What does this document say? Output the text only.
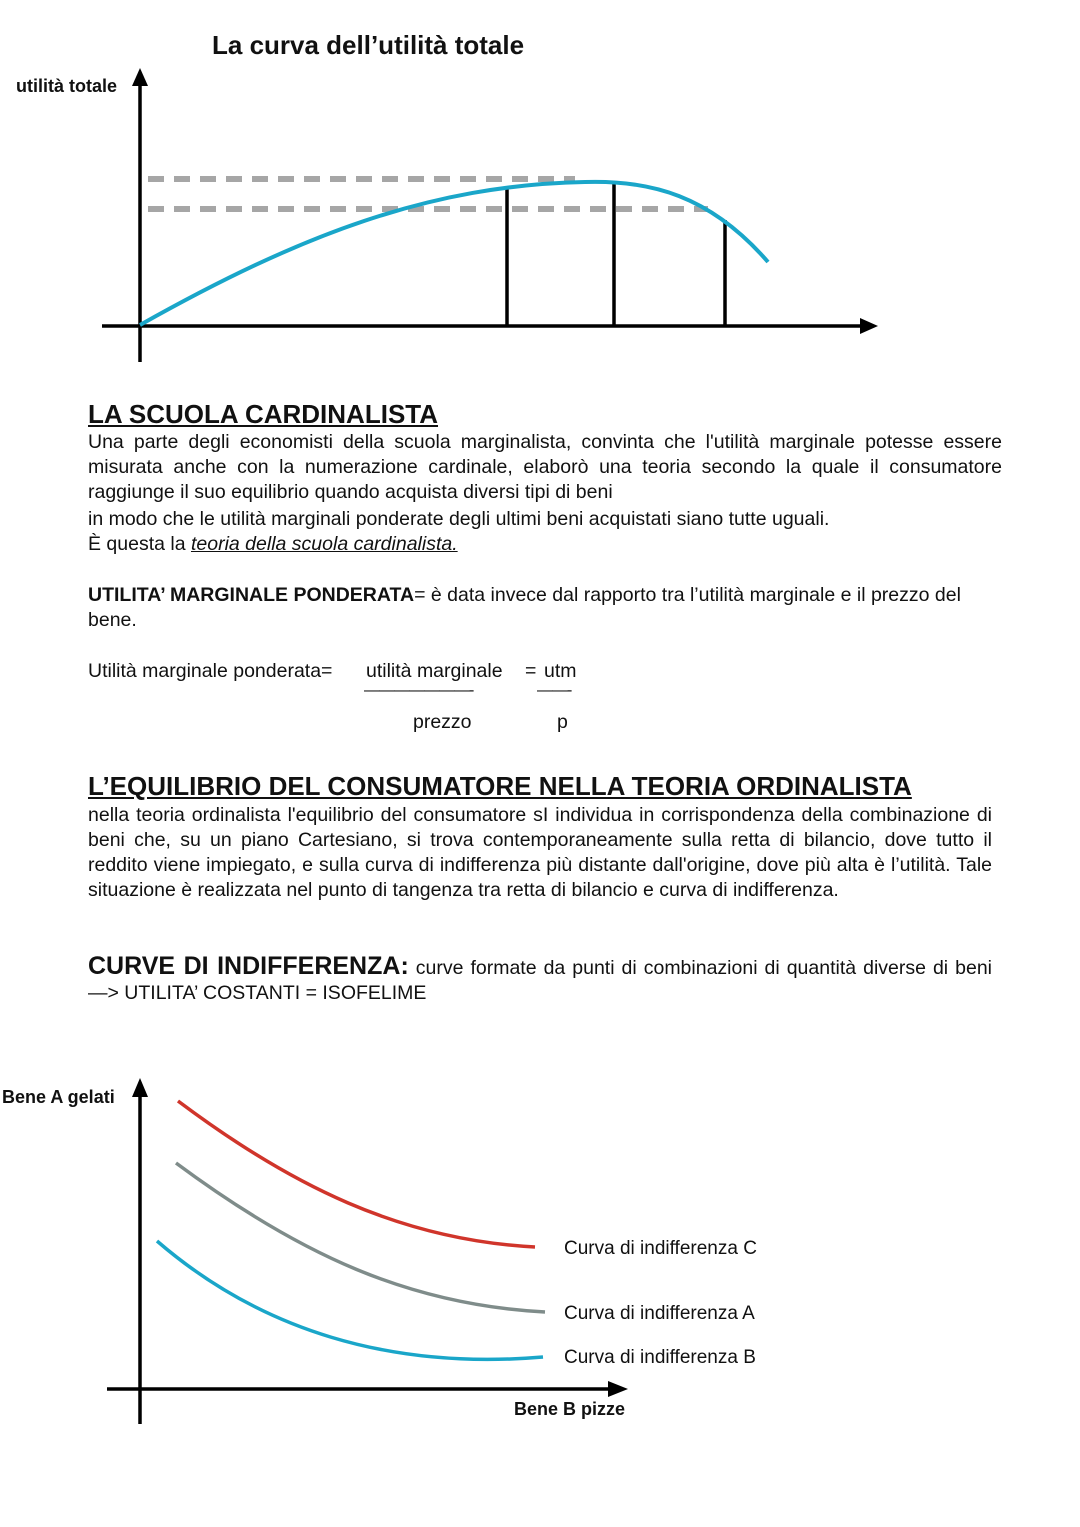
La curva dell’utilità totale
utilità totale
LA SCUOLA CARDINALISTA
Una parte degli economisti della scuola marginalista, convinta che l'utilità marginale potesse essere misurata anche con la numerazione cardinale, elaborò una teoria secondo la quale il consumatore raggiunge il suo equilibrio quando acquista diversi tipi di beni
in modo che le utilità marginali ponderate degli ultimi beni acquistati siano tutte uguali.
È questa la teoria della scuola cardinalista.
UTILITA’ MARGINALE PONDERATA= è data invece dal rapporto tra l’utilità marginale e il prezzo del bene.
Utilità marginale ponderata= utilità marginale = utm
———————-	——-
prezzo	p
L’EQUILIBRIO DEL CONSUMATORE NELLA TEORIA ORDINALISTA
nella teoria ordinalista l'equilibrio del consumatore sI individua in corrispondenza della combinazione di beni che, su un piano Cartesiano, si trova contemporaneamente sulla retta di bilancio, dove tutto il reddito viene impiegato, e sulla curva di indifferenza più distante dall'origine, dove più alta è l’utilità. Tale situazione è realizzata nel punto di tangenza tra retta di bilancio e curva di indifferenza.
CURVE DI INDIFFERENZA: curve formate da punti di combinazioni di quantità diverse di beni —> UTILITA’ COSTANTI = ISOFELIME
Bene A gelati
Bene B pizze
Curva di indifferenza C
Curva di indifferenza A
Curva di indifferenza B
